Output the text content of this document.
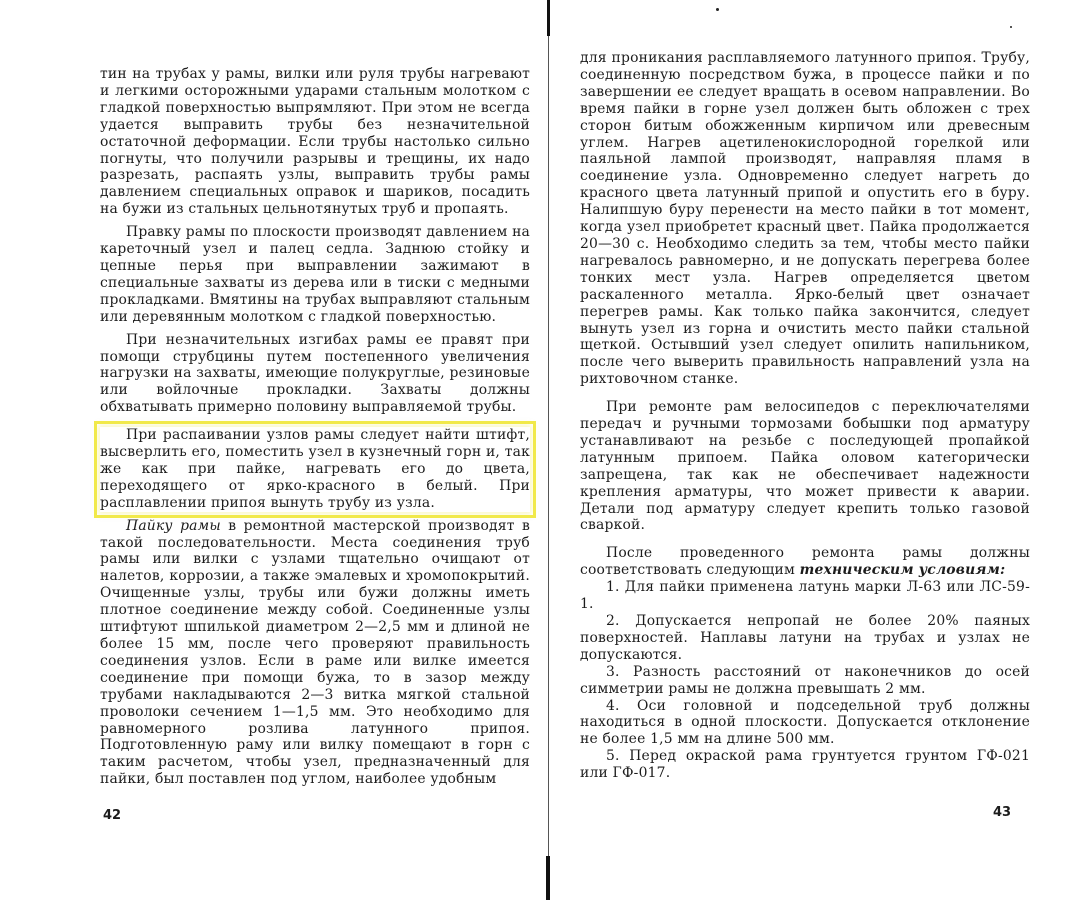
тин на трубах у рамы, вилки или руля трубы нагревают и легкими осторожными ударами стальным молотком с гладкой поверхностью выпрямляют. При этом не всегда удается выправить трубы без незначительной остаточной деформации. Если трубы настолько сильно погнуты, что получили разрывы и трещины, их надо разрезать, распаять узлы, выправить трубы рамы давлением специальных оправок и шариков, посадить на бужи из стальных цельнотянутых труб и пропаять.

Правку рамы по плоскости производят давлением на кареточный узел и палец седла. Заднюю стойку и цепные перья при выправлении зажимают в специальные захваты из дерева или в тиски с медными прокладками. Вмятины на трубах выправляют стальным или деревянным молотком с гладкой поверхностью.

При незначительных изгибах рамы ее правят при помощи струбцины путем постепенного увеличения нагрузки на захваты, имеющие полукруглые, резиновые или войлочные прокладки. Захваты должны обхватывать примерно половину выправляемой трубы.

При распаивании узлов рамы следует найти штифт, высверлить его, поместить узел в кузнечный горн и, так же как при пайке, нагревать его до цвета, переходящего от ярко-красного в белый. При расплавлении припоя вынуть трубу из узла.

Пайку рамы в ремонтной мастерской производят в такой последовательности. Места соединения труб рамы или вилки с узлами тщательно очищают от налетов, коррозии, а также эмалевых и хромопокрытий. Очищенные узлы, трубы или бужи должны иметь плотное соединение между собой. Соединенные узлы штифтуют шпилькой диаметром 2—2,5 мм и длиной не более 15 мм, после чего проверяют правильность соединения узлов. Если в раме или вилке имеется соединение при помощи бужа, то в зазор между трубами накладываются 2—3 витка мягкой стальной проволоки сечением 1—1,5 мм. Это необходимо для равномерного розлива латунного припоя. Подготовленную раму или вилку помещают в горн с таким расчетом, чтобы узел, предназначенный для пайки, был поставлен под углом, наиболее удобным

42

для проникания расплавляемого латунного припоя. Трубу, соединенную посредством бужа, в процессе пайки и по завершении ее следует вращать в осевом направлении. Во время пайки в горне узел должен быть обложен с трех сторон битым обожженным кирпичом или древесным углем. Нагрев ацетиленокислородной горелкой или паяльной лампой производят, направляя пламя в соединение узла. Одновременно следует нагреть до красного цвета латунный припой и опустить его в буру. Налипшую буру перенести на место пайки в тот момент, когда узел приобретет красный цвет. Пайка продолжается 20—30 с. Необходимо следить за тем, чтобы место пайки нагревалось равномерно, и не допускать перегрева более тонких мест узла. Нагрев определяется цветом раскаленного металла. Ярко-белый цвет означает перегрев рамы. Как только пайка закончится, следует вынуть узел из горна и очистить место пайки стальной щеткой. Остывший узел следует опилить напильником, после чего выверить правильность направлений узла на рихтовочном станке.

При ремонте рам велосипедов с переключателями передач и ручными тормозами бобышки под арматуру устанавливают на резьбе с последующей пропайкой латунным припоем. Пайка оловом категорически запрещена, так как не обеспечивает надежности крепления арматуры, что может привести к аварии. Детали под арматуру следует крепить только газовой сваркой.

После проведенного ремонта рамы должны соответствовать следующим техническим условиям:

1. Для пайки применена латунь марки Л-63 или ЛС-59-1.

2. Допускается непропай не более 20% паяных поверхностей. Наплавы латуни на трубах и узлах не допускаются.

3. Разность расстояний от наконечников до осей симметрии рамы не должна превышать 2 мм.

4. Оси головной и подседельной труб должны находиться в одной плоскости. Допускается отклонение не более 1,5 мм на длине 500 мм.

5. Перед окраской рама грунтуется грунтом ГФ-021 или ГФ-017.

43
